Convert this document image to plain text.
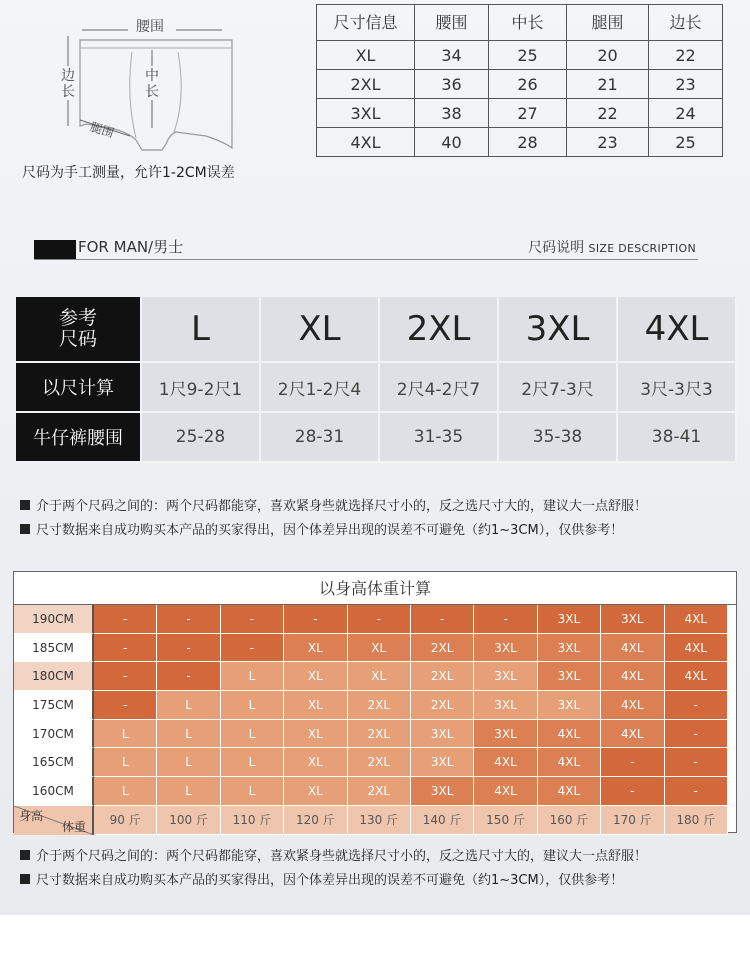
腰围
边长
中长
腿围
尺码为手工测量，允许1-2CM误差
尺寸信息	腰围	中长	腿围	边长
XL	34	25	20	22
2XL	36	26	21	23
3XL	38	27	22	24
4XL	40	28	23	25
FOR MAN/男士	尺码说明 SIZE DESCRIPTION
参考
尺码	L	XL	2XL	3XL	4XL
以尺计算	1尺9-2尺1	2尺1-2尺4	2尺4-2尺7	2尺7-3尺	3尺-3尺3
牛仔裤腰围	25-28	28-31	31-35	35-38	38-41
介于两个尺码之间的：两个尺码都能穿，喜欢紧身些就选择尺寸小的，反之选尺寸大的，建议大一点舒服！
尺寸数据来自成功购买本产品的买家得出，因个体差异出现的误差不可避免（约1~3CM），仅供参考！
以身高体重计算
190CM	-	-	-	-	-	-	-	3XL	3XL	4XL
185CM	-	-	-	XL	XL	2XL	3XL	3XL	4XL	4XL
180CM	-	-	L	XL	XL	2XL	3XL	3XL	4XL	4XL
175CM	-	L	L	XL	2XL	2XL	3XL	3XL	4XL	-
170CM	L	L	L	XL	2XL	3XL	3XL	4XL	4XL	-
165CM	L	L	L	XL	2XL	3XL	4XL	4XL	-	-
160CM	L	L	L	XL	2XL	3XL	4XL	4XL	-	-
身高
体重	90 斤	100 斤	110 斤	120 斤	130 斤	140 斤	150 斤	160 斤	170 斤	180 斤
介于两个尺码之间的：两个尺码都能穿，喜欢紧身些就选择尺寸小的，反之选尺寸大的，建议大一点舒服！
尺寸数据来自成功购买本产品的买家得出，因个体差异出现的误差不可避免（约1~3CM），仅供参考！
